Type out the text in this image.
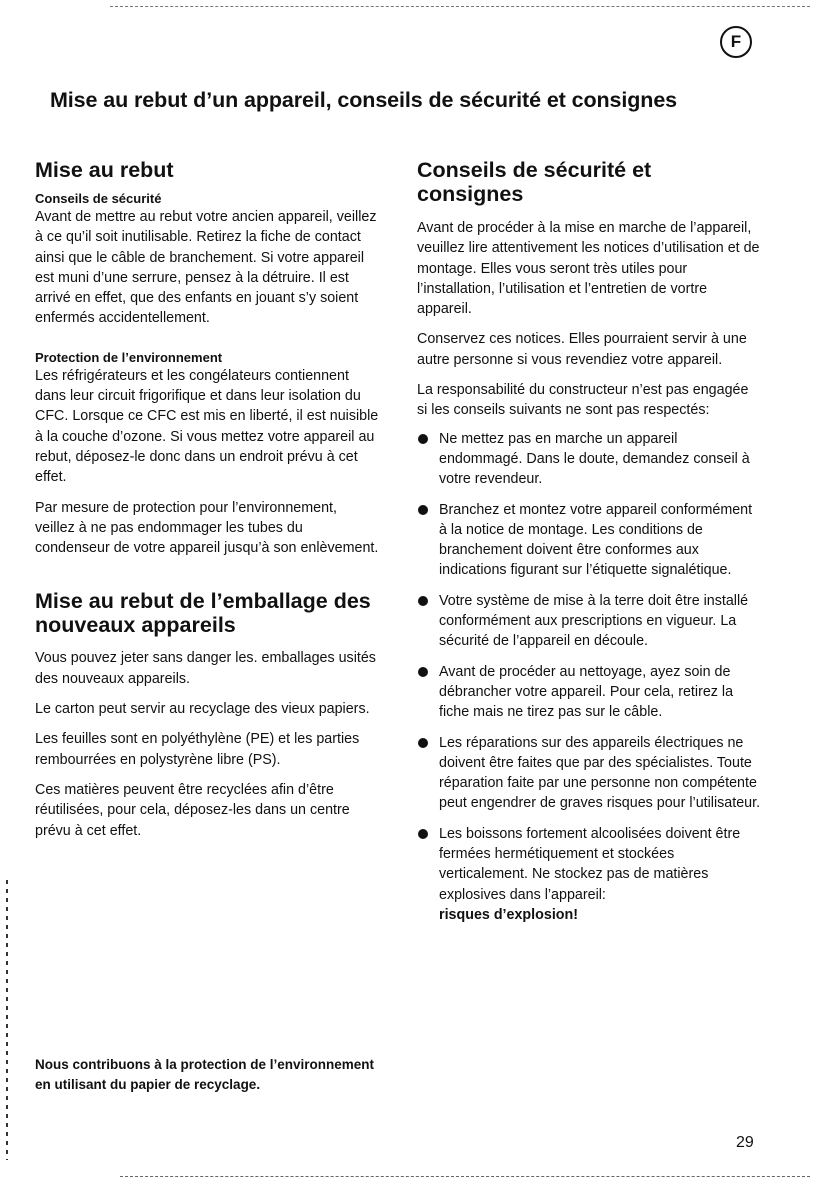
F
Mise au rebut d’un appareil, conseils de sécurité et consignes
Mise au rebut
Conseils de sécurité

Avant de mettre au rebut votre ancien appareil, veillez à ce qu’il soit inutilisable. Retirez la fiche de contact ainsi que le câble de branchement. Si votre appareil est muni d’une serrure, pensez à la détruire. Il est arrivé en effet, que des enfants en jouant s’y soient enfermés accidentellement.

Protection de l’environnement

Les réfrigérateurs et les congélateurs contiennent dans leur circuit frigorifique et dans leur isolation du CFC. Lorsque ce CFC est mis en liberté, il est nuisible à la couche d’ozone. Si vous mettez votre appareil au rebut, déposez-le donc dans un endroit prévu à cet effet.

Par mesure de protection pour l’environnement, veillez à ne pas endommager les tubes du condenseur de votre appareil jusqu’à son enlèvement.

Mise au rebut de l’emballage des nouveaux appareils

Vous pouvez jeter sans danger les. emballages usités des nouveaux appareils.

Le carton peut servir au recyclage des vieux papiers.

Les feuilles sont en polyéthylène (PE) et les parties rembourrées en polystyrène libre (PS).

Ces matières peuvent être recyclées afin d’être réutilisées, pour cela, déposez-les dans un centre prévu à cet effet.

Nous contribuons à la protection de l’environnement en utilisant du papier de recyclage.

Conseils de sécurité et consignes

Avant de procéder à la mise en marche de l’appareil, veuillez lire attentivement les notices d’utilisation et de montage. Elles vous seront très utiles pour l’installation, l’utilisation et l’entretien de vortre appareil.

Conservez ces notices. Elles pourraient servir à une autre personne si vous revendiez votre appareil.

La responsabilité du constructeur n’est pas engagée si les conseils suivants ne sont pas respectés:

Ne mettez pas en marche un appareil endommagé. Dans le doute, demandez conseil à votre revendeur.
Branchez et montez votre appareil conformément à la notice de montage. Les conditions de branchement doivent être conformes aux indications figurant sur l’étiquette signalétique.
Votre système de mise à la terre doit être installé conformément aux prescriptions en vigueur. La sécurité de l’appareil en découle.
Avant de procéder au nettoyage, ayez soin de débrancher votre appareil. Pour cela, retirez la fiche mais ne tirez pas sur le câble.
Les réparations sur des appareils électriques ne doivent être faites que par des spécialistes. Toute réparation faite par une personne non compétente peut engendrer de graves risques pour l’utilisateur.
Les boissons fortement alcoolisées doivent être fermées hermétiquement et stockées verticalement. Ne stockez pas de matières explosives dans l’appareil:
risques d’explosion!
29
